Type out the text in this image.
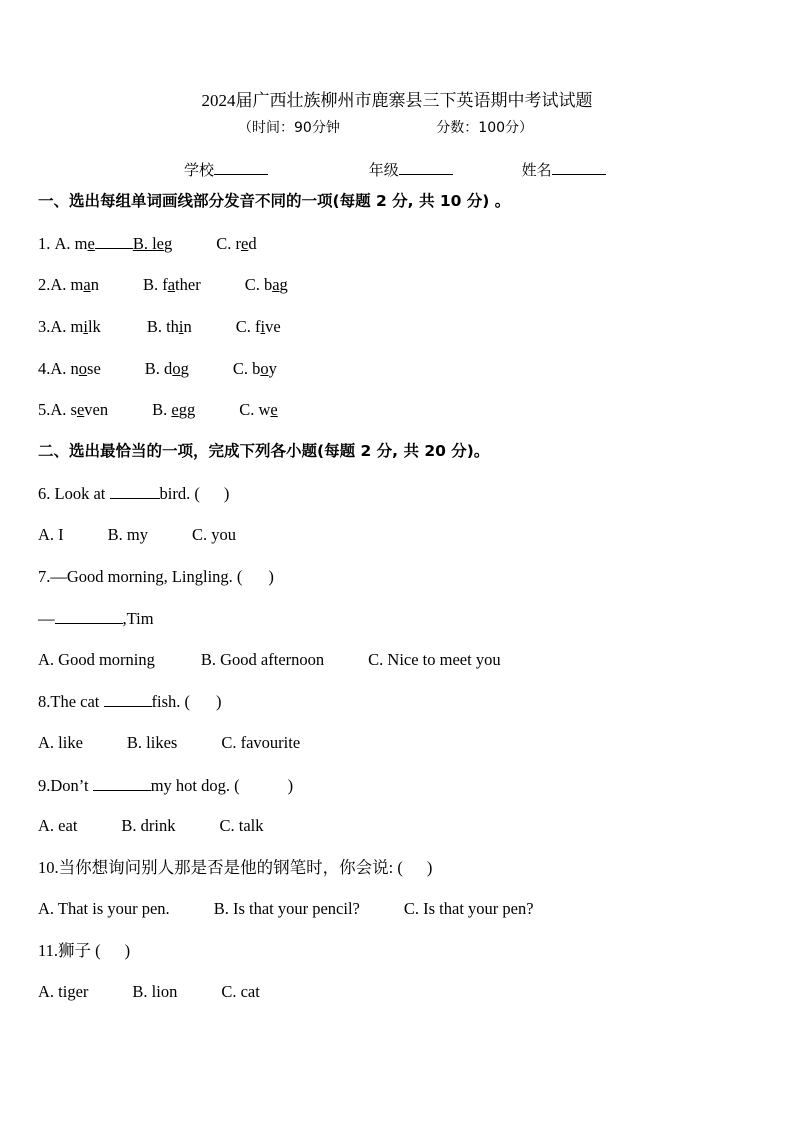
2024届广西壮族柳州市鹿寨县三下英语期中考试试题
（时间：90分钟	分数：100分）
学校	年级	姓名
一、选出每组单词画线部分发音不同的一项(每题 2 分, 共 10 分) 。
1. A. me B. leg	C. red
2.A. man	B. father	C. bag
3.A. milk	B. thin	C. five
4.A. nose	B. dog	C. boy
5.A. seven	B. egg	C. we
二、选出最恰当的一项，完成下列各小题(每题 2 分, 共 20 分)。
6. Look at	bird. ( )
A. I	B. my	C. you
7.—Good morning, Lingling. ( )
—	,Tim
A. Good morning	B. Good afternoon	C. Nice to meet you
8.The cat	fish. ( )
A. like	B. likes	C. favourite
9.Don’t	my hot dog. (	)
A. eat	B. drink	C. talk
10.当你想询问别人那是否是他的钢笔时，你会说: ( )
A. That is your pen.	B. Is that your pencil?	C. Is that your pen?
11.狮子 ( )
A. tiger	B. lion	C. cat
